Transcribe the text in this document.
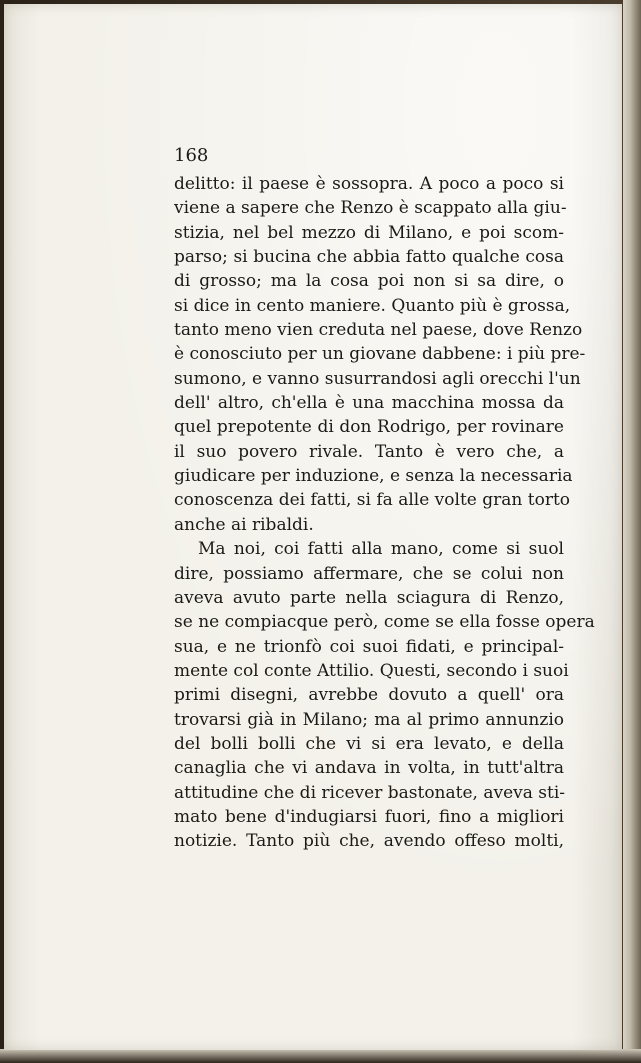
168
delitto: il paese è sossopra. A poco a poco si
viene a sapere che Renzo è scappato alla giu-
stizia, nel bel mezzo di Milano, e poi scom-
parso; si bucina che abbia fatto qualche cosa
di grosso; ma la cosa poi non si sa dire, o
si dice in cento maniere. Quanto più è grossa,
tanto meno vien creduta nel paese, dove Renzo
è conosciuto per un giovane dabbene: i più pre-
sumono, e vanno susurrandosi agli orecchi l'un
dell' altro, ch'ella è una macchina mossa da
quel prepotente di don Rodrigo, per rovinare
il suo povero rivale. Tanto è vero che, a
giudicare per induzione, e senza la necessaria
conoscenza dei fatti, si fa alle volte gran torto
anche ai ribaldi.
Ma noi, coi fatti alla mano, come si suol
dire, possiamo affermare, che se colui non
aveva avuto parte nella sciagura di Renzo,
se ne compiacque però, come se ella fosse opera
sua, e ne trionfò coi suoi fidati, e principal-
mente col conte Attilio. Questi, secondo i suoi
primi disegni, avrebbe dovuto a quell' ora
trovarsi già in Milano; ma al primo annunzio
del bolli bolli che vi si era levato, e della
canaglia che vi andava in volta, in tutt'altra
attitudine che di ricever bastonate, aveva sti-
mato bene d'indugiarsi fuori, fino a migliori
notizie. Tanto più che, avendo offeso molti,
